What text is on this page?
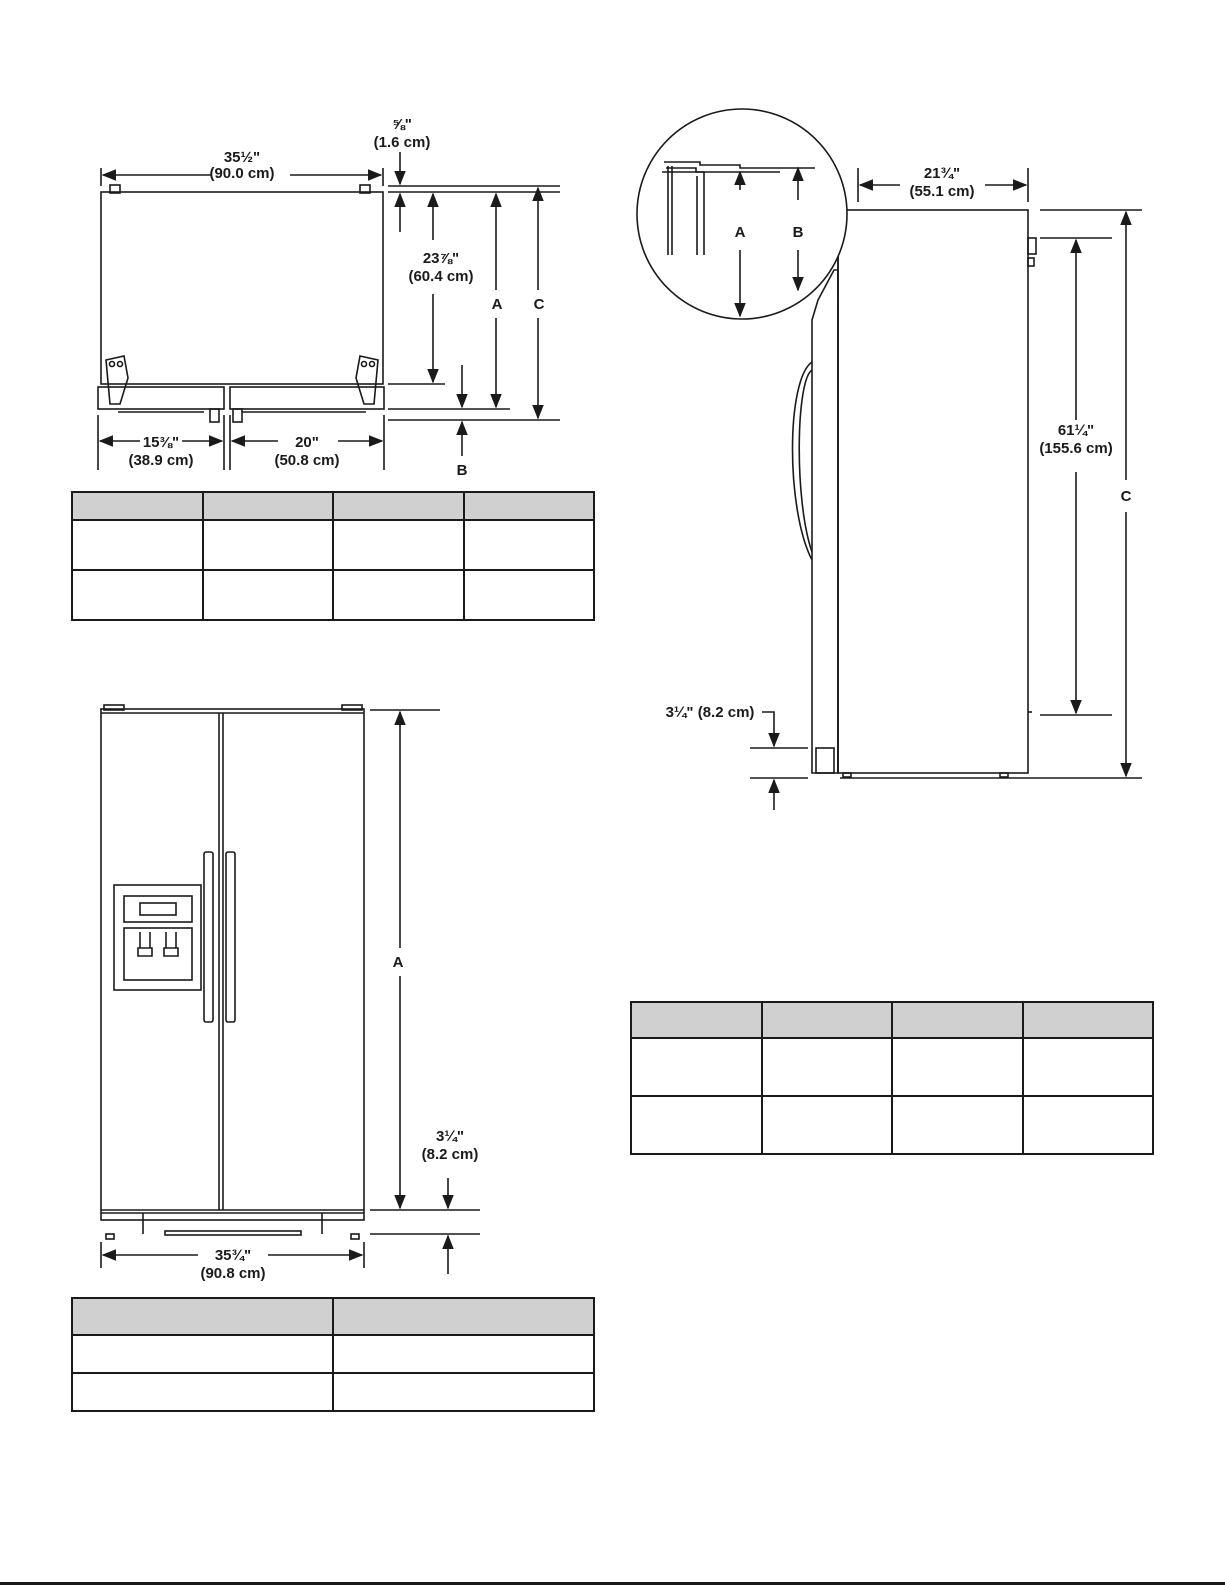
35½"
(90.0 cm)
⅝"
(1.6 cm)
23⅞"
(60.4 cm)
A C
B
15⅜"
(38.9 cm)
20"
(50.8 cm)
A
3¼"
(8.2 cm)
35¾"
(90.8 cm)
A	B
21¾"
(55.1 cm)
61¼"
(155.6 cm)
C
3¼" (8.2 cm)
